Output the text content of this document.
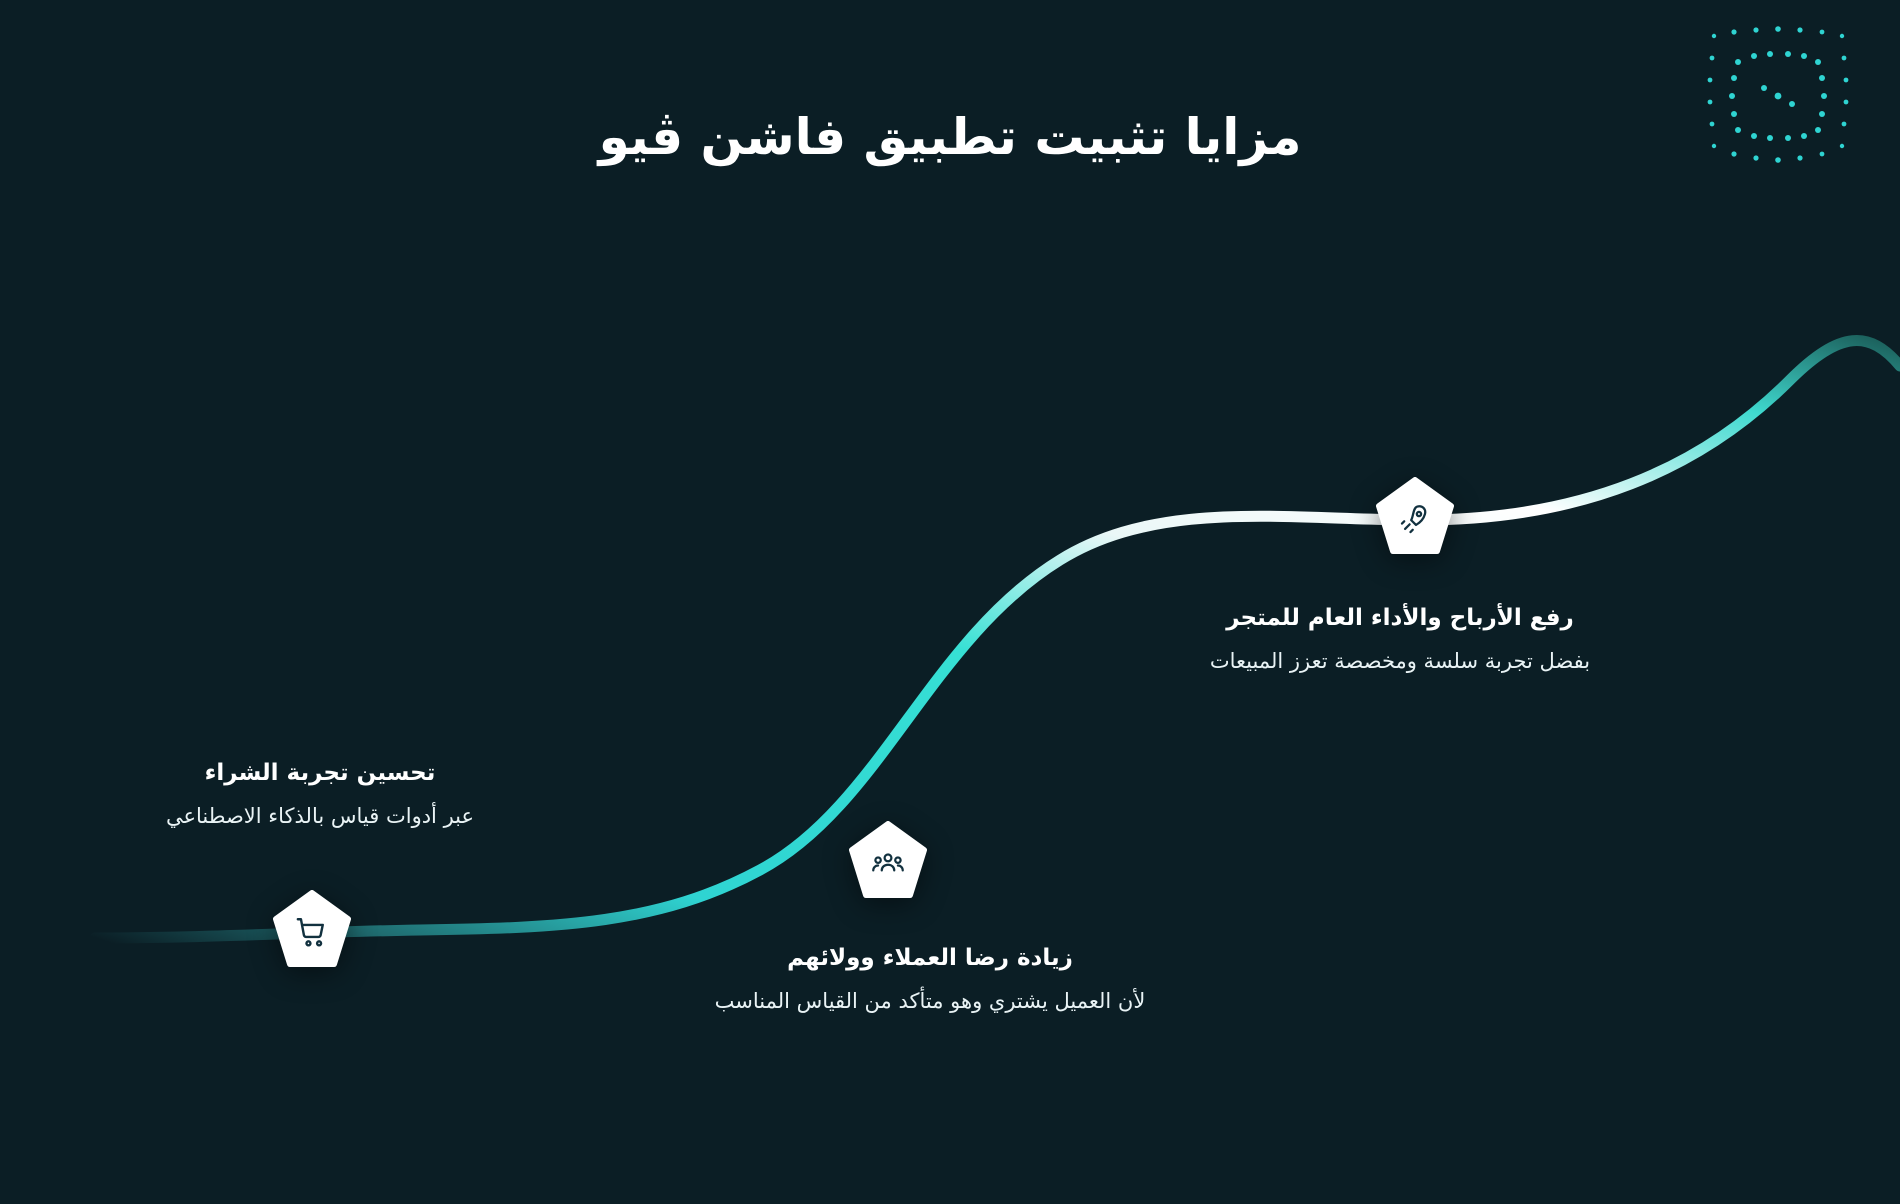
مزايا تثبيت تطبيق فاشن ڤيو
تحسين تجربة الشراء
عبر أدوات قياس بالذكاء الاصطناعي
زيادة رضا العملاء وولائهم
لأن العميل يشتري وهو متأكد من القياس المناسب
رفع الأرباح والأداء العام للمتجر
بفضل تجربة سلسة ومخصصة تعزز المبيعات
